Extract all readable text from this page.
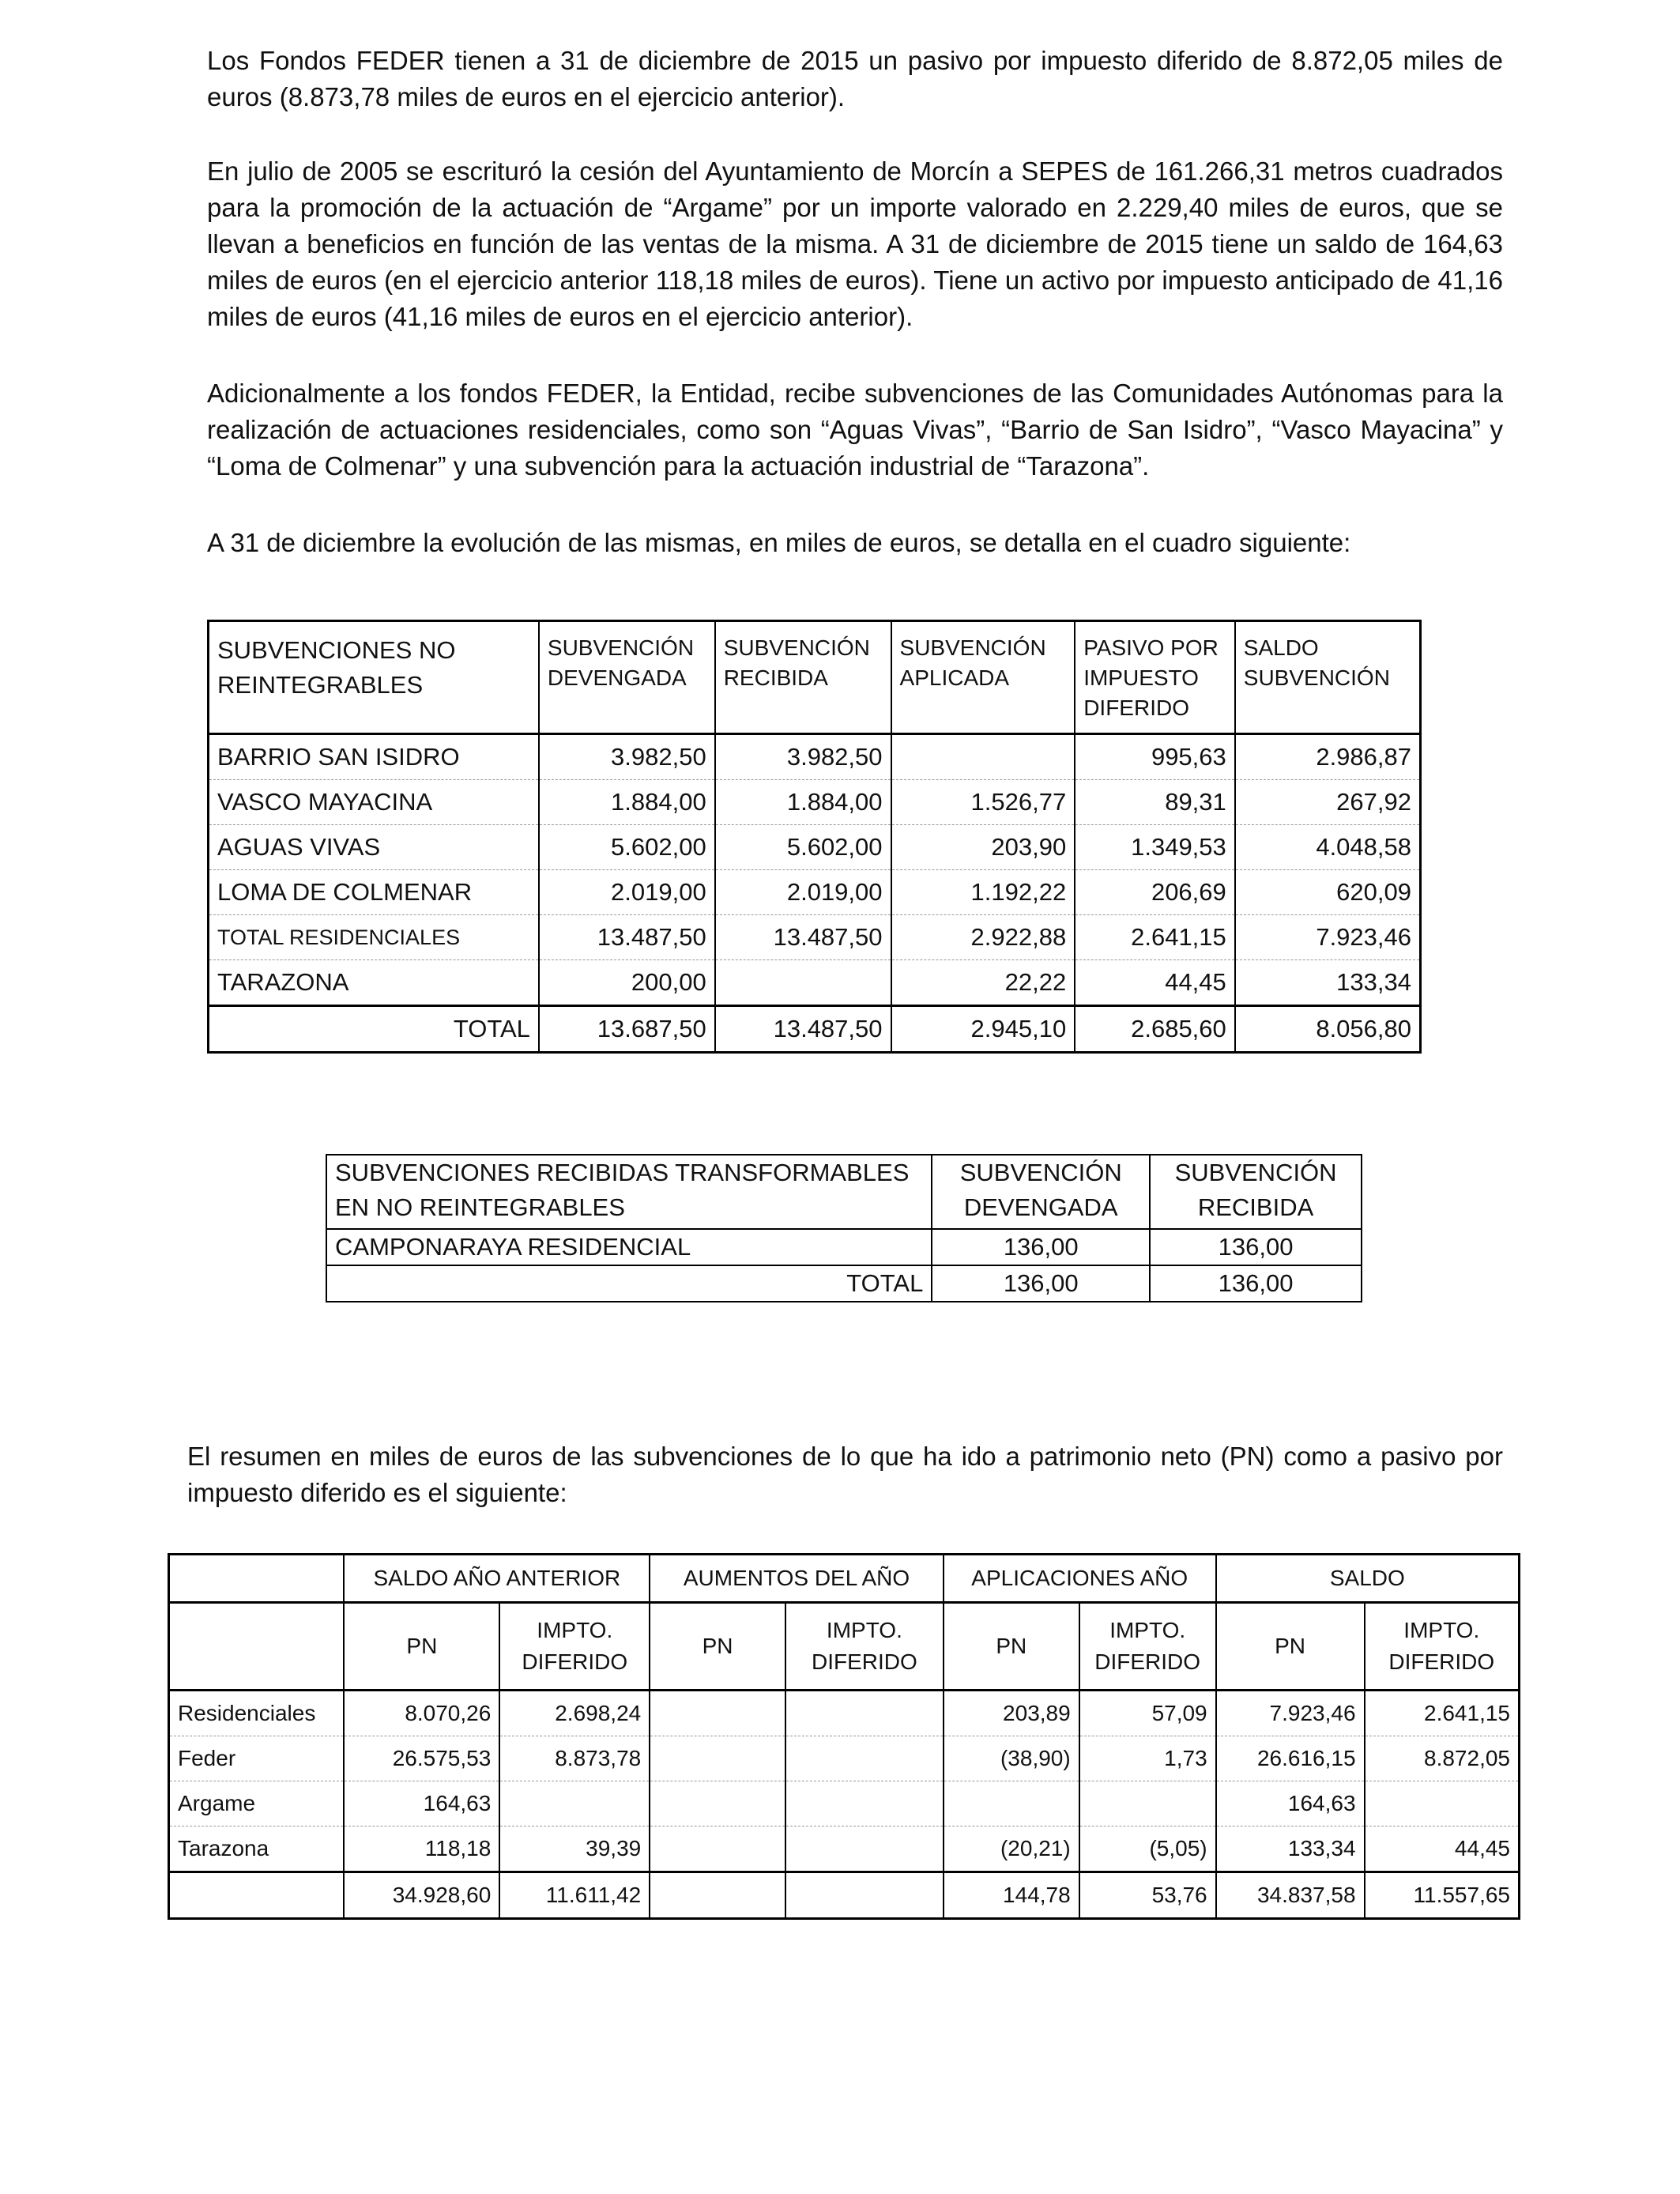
Los Fondos FEDER tienen a 31 de diciembre de 2015 un pasivo por impuesto diferido de 8.872,05 miles de euros (8.873,78 miles de euros en el ejercicio anterior).

En julio de 2005 se escrituró la cesión del Ayuntamiento de Morcín a SEPES de 161.266,31 metros cuadrados para la promoción de la actuación de “Argame” por un importe valorado en 2.229,40 miles de euros, que se llevan a beneficios en función de las ventas de la misma. A 31 de diciembre de 2015 tiene un saldo de 164,63 miles de euros (en el ejercicio anterior 118,18 miles de euros). Tiene un activo por impuesto anticipado de 41,16 miles de euros (41,16 miles de euros en el ejercicio anterior).

Adicionalmente a los fondos FEDER, la Entidad, recibe subvenciones de las Comunidades Autónomas para la realización de actuaciones residenciales, como son “Aguas Vivas”, “Barrio de San Isidro”, “Vasco Mayacina” y “Loma de Colmenar” y una subvención para la actuación industrial de “Tarazona”.

A 31 de diciembre la evolución de las mismas, en miles de euros, se detalla en el cuadro siguiente:

SUBVENCIONES NO REINTEGRABLES	SUBVENCIÓN DEVENGADA	SUBVENCIÓN RECIBIDA	SUBVENCIÓN APLICADA	PASIVO POR IMPUESTO DIFERIDO	SALDO SUBVENCIÓN
BARRIO SAN ISIDRO	3.982,50	3.982,50		995,63	2.986,87
VASCO MAYACINA	1.884,00	1.884,00	1.526,77	89,31	267,92
AGUAS VIVAS	5.602,00	5.602,00	203,90	1.349,53	4.048,58
LOMA DE COLMENAR	2.019,00	2.019,00	1.192,22	206,69	620,09
TOTAL RESIDENCIALES	13.487,50	13.487,50	2.922,88	2.641,15	7.923,46
TARAZONA	200,00		22,22	44,45	133,34
TOTAL	13.687,50	13.487,50	2.945,10	2.685,60	8.056,80
SUBVENCIONES RECIBIDAS TRANSFORMABLES EN NO REINTEGRABLES	SUBVENCIÓN DEVENGADA	SUBVENCIÓN RECIBIDA
CAMPONARAYA RESIDENCIAL	136,00	136,00
TOTAL	136,00	136,00

El resumen en miles de euros de las subvenciones de lo que ha ido a patrimonio neto (PN) como a pasivo por impuesto diferido es el siguiente:

	SALDO AÑO ANTERIOR		AUMENTOS DEL AÑO		APLICACIONES AÑO		SALDO	
	PN	IMPTO. DIFERIDO	PN	IMPTO. DIFERIDO	PN	IMPTO. DIFERIDO	PN	IMPTO. DIFERIDO
Residenciales	8.070,26	2.698,24			203,89	57,09	7.923,46	2.641,15
Feder	26.575,53	8.873,78			(38,90)	1,73	26.616,15	8.872,05
Argame	164,63						164,63	
Tarazona	118,18	39,39			(20,21)	(5,05)	133,34	44,45
	34.928,60	11.611,42			144,78	53,76	34.837,58	11.557,65
